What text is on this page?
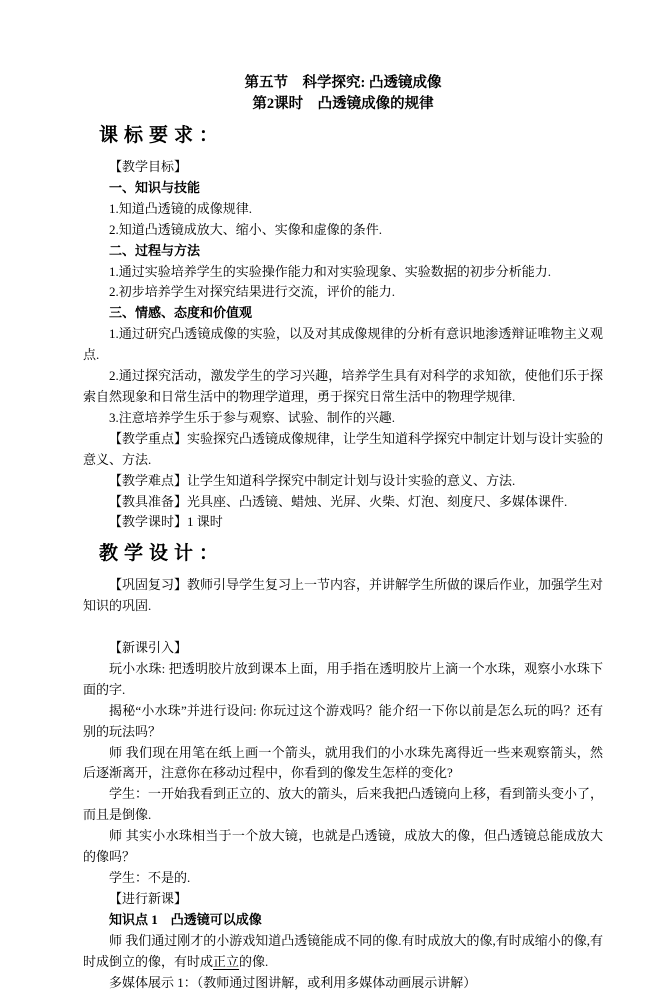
第五节　科学探究: 凸透镜成像

第2课时　凸透镜成像的规律

课标要求：

【教学目标】

一、知识与技能

1.知道凸透镜的成像规律.

2.知道凸透镜成放大、缩小、实像和虚像的条件.

二、过程与方法

1.通过实验培养学生的实验操作能力和对实验现象、实验数据的初步分析能力.

2.初步培养学生对探究结果进行交流，评价的能力.

三、情感、态度和价值观

1.通过研究凸透镜成像的实验，以及对其成像规律的分析有意识地渗透辩证唯物主义观点.

2.通过探究活动，激发学生的学习兴趣，培养学生具有对科学的求知欲，使他们乐于探索自然现象和日常生活中的物理学道理，勇于探究日常生活中的物理学规律.

3.注意培养学生乐于参与观察、试验、制作的兴趣.

【教学重点】实验探究凸透镜成像规律，让学生知道科学探究中制定计划与设计实验的意义、方法.

【教学难点】让学生知道科学探究中制定计划与设计实验的意义、方法.

【教具准备】光具座、凸透镜、蜡烛、光屏、火柴、灯泡、刻度尺、多媒体课件.

【教学课时】1 课时

教学设计：

【巩固复习】教师引导学生复习上一节内容，并讲解学生所做的课后作业，加强学生对知识的巩固.

【新课引入】

玩小水珠: 把透明胶片放到课本上面，用手指在透明胶片上滴一个水珠，观察小水珠下面的字.

揭秘“小水珠”并进行设问: 你玩过这个游戏吗？能介绍一下你以前是怎么玩的吗？还有别的玩法吗？

师 我们现在用笔在纸上画一个箭头，就用我们的小水珠先离得近一些来观察箭头，然后逐渐离开，注意你在移动过程中，你看到的像发生怎样的变化?

学生：一开始我看到正立的、放大的箭头，后来我把凸透镜向上移，看到箭头变小了，而且是倒像.

师 其实小水珠相当于一个放大镜，也就是凸透镜，成放大的像，但凸透镜总能成放大的像吗？

学生：不是的.

【进行新课】

知识点 1　凸透镜可以成像

师 我们通过刚才的小游戏知道凸透镜能成不同的像.有时成放大的像,有时成缩小的像,有时成倒立的像，有时成正立的像.

多媒体展示 1：（教师通过图讲解，或利用多媒体动画展示讲解）
